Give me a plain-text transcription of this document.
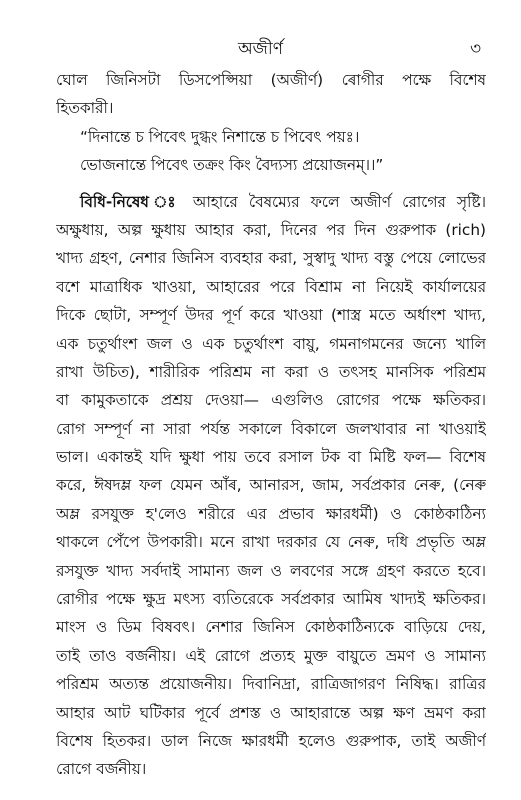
অজীৰ্ণ	৩
ঘোল জিনিসটা ডিসপেপ্সিয়া (অজীৰ্ণ) ৰোগীর পক্ষে বিশেষ
হিতকারী।
“দিনান্তে চ পিবেৎ দুগ্ধং নিশান্তে চ পিবেৎ পয়ঃ।
ভোজনান্তে পিবেৎ তক্রং কিং বৈদ্যস্য প্রয়োজনম্।।”
বিধি-নিষেধ ঃ আহারে বৈষম্যের ফলে অজীৰ্ণ রোগের সৃষ্টি।
অক্ষুধায়, অল্প ক্ষুধায় আহার করা, দিনের পর দিন গুরুপাক (rich)
খাদ্য গ্রহণ, নেশার জিনিস ব্যবহার করা, সুস্বাদু খাদ্য বস্তু পেয়ে লোভের
বশে মাত্রাধিক খাওয়া, আহারের পরে বিশ্রাম না নিয়েই কার্যালয়ের
দিকে ছোটা, সম্পূর্ণ উদর পূর্ণ করে খাওয়া (শাস্ত্র মতে অর্ধাংশ খাদ্য,
এক চতুর্থাংশ জল ও এক চতুর্থাংশ বায়ু, গমনাগমনের জন্যে খালি
রাখা উচিত), শারীরিক পরিশ্রম না করা ও তৎসহ মানসিক পরিশ্রম
বা কামুকতাকে প্রশ্রয় দেওয়া— এগুলিও রোগের পক্ষে ক্ষতিকর।
রোগ সম্পূর্ণ না সারা পর্যন্ত সকালে বিকালে জলখাবার না খাওয়াই
ভাল। একান্তই যদি ক্ষুধা পায় তবে রসাল টক বা মিষ্টি ফল— বিশেষ
করে, ঈষদম্ল ফল যেমন আঁৰ, আনারস, জাম, সর্বপ্রকার নেৰু, (নেৰু
অম্ল রসযুক্ত হ'লেও শরীরে এর প্রভাব ক্ষারধর্মী) ও কোষ্ঠকাঠিন্য
থাকলে পেঁপে উপকারী। মনে রাখা দরকার যে নেৰু, দধি প্রভৃতি অম্ল
রসযুক্ত খাদ্য সর্বদাই সামান্য জল ও লবণের সঙ্গে গ্রহণ করতে হবে।
রোগীর পক্ষে ক্ষুদ্র মৎস্য ব্যতিরেকে সর্বপ্রকার আমিষ খাদ্যই ক্ষতিকর।
মাংস ও ডিম বিষবৎ। নেশার জিনিস কোষ্ঠকাঠিন্যকে বাড়িয়ে দেয়,
তাই তাও বৰ্জনীয়। এই রোগে প্রত্যহ মুক্ত বায়ুতে ভ্রমণ ও সামান্য
পরিশ্রম অত্যন্ত প্রয়োজনীয়। দিবানিদ্রা, রাত্রিজাগরণ নিষিদ্ধ। রাত্রির
আহার আট ঘটিকার পূর্বে প্রশস্ত ও আহারান্তে অল্প ক্ষণ ভ্রমণ করা
বিশেষ হিতকর। ডাল নিজে ক্ষারধর্মী হলেও গুরুপাক, তাই অজীৰ্ণ
রোগে বৰ্জনীয়।
